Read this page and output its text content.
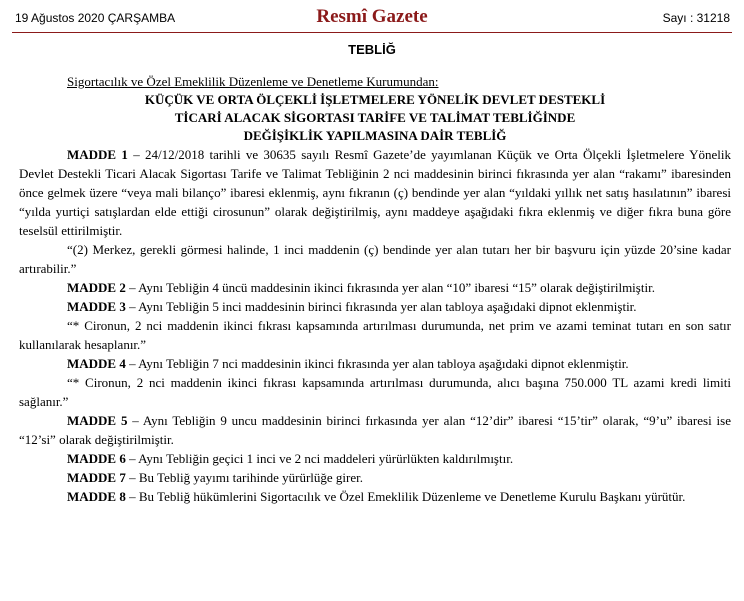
19 Ağustos 2020 ÇARŞAMBA	Resmî Gazete	Sayı : 31218
TEBLİĞ

Sigortacılık ve Özel Emeklilik Düzenleme ve Denetleme Kurumundan:

KÜÇÜK VE ORTA ÖLÇEKLİ İŞLETMELERE YÖNELİK DEVLET DESTEKLİ
TİCARİ ALACAK SİGORTASI TARİFE VE TALİMAT TEBLİĞİNDE
DEĞİŞİKLİK YAPILMASINA DAİR TEBLİĞ

MADDE 1 – 24/12/2018 tarihli ve 30635 sayılı Resmî Gazete’de yayımlanan Küçük ve Orta Ölçekli İşletmelere Yönelik Devlet Destekli Ticari Alacak Sigortası Tarife ve Talimat Tebliğinin 2 nci maddesinin birinci fıkrasında yer alan “rakamı” ibaresinden önce gelmek üzere “veya mali bilanço” ibaresi eklenmiş, aynı fıkranın (ç) bendinde yer alan “yıldaki yıllık net satış hasılatının” ibaresi “yılda yurtiçi satışlardan elde ettiği cirosunun” olarak değiştirilmiş, aynı maddeye aşağıdaki fıkra eklenmiş ve diğer fıkra buna göre teselsül ettirilmiştir.

“(2) Merkez, gerekli görmesi halinde, 1 inci maddenin (ç) bendinde yer alan tutarı her bir başvuru için yüzde 20’sine kadar artırabilir.”

MADDE 2 – Aynı Tebliğin 4 üncü maddesinin ikinci fıkrasında yer alan “10” ibaresi “15” olarak değiştirilmiştir.

MADDE 3 – Aynı Tebliğin 5 inci maddesinin birinci fıkrasında yer alan tabloya aşağıdaki dipnot eklenmiştir.

“* Cironun, 2 nci maddenin ikinci fıkrası kapsamında artırılması durumunda, net prim ve azami teminat tutarı en son satır kullanılarak hesaplanır.”

MADDE 4 – Aynı Tebliğin 7 nci maddesinin ikinci fıkrasında yer alan tabloya aşağıdaki dipnot eklenmiştir.

“* Cironun, 2 nci maddenin ikinci fıkrası kapsamında artırılması durumunda, alıcı başına 750.000 TL azami kredi limiti sağlanır.”

MADDE 5 – Aynı Tebliğin 9 uncu maddesinin birinci fırkasında yer alan “12’dir” ibaresi “15’tir” olarak, “9’u” ibaresi ise “12’si” olarak değiştirilmiştir.

MADDE 6 – Aynı Tebliğin geçici 1 inci ve 2 nci maddeleri yürürlükten kaldırılmıştır.

MADDE 7 – Bu Tebliğ yayımı tarihinde yürürlüğe girer.

MADDE 8 – Bu Tebliğ hükümlerini Sigortacılık ve Özel Emeklilik Düzenleme ve Denetleme Kurulu Başkanı yürütür.
